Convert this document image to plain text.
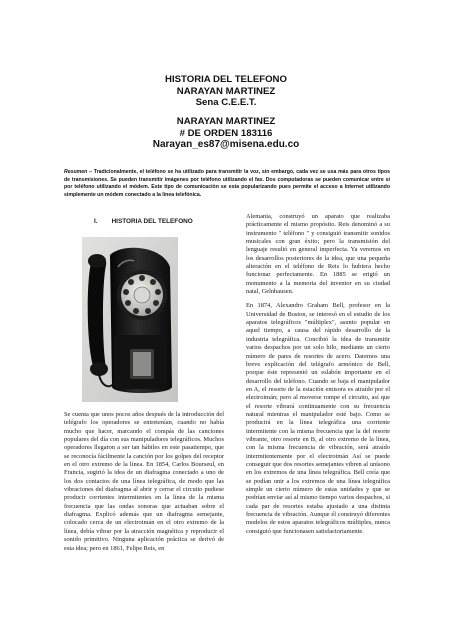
HISTORIA DEL TELEFONO
NARAYAN MARTINEZ
Sena C.E.E.T.
NARAYAN MARTINEZ
# DE ORDEN 183116
Narayan_es87@misena.edu.co
Resumen – Tradicionalmente, el teléfono se ha utilizado para transmitir la voz, sin embargo, cada vez se usa más para otros tipos de transmisiones. Se pueden transmitir imágenes por teléfono utilizando el fax. Dos computadoras se pueden comunicar entre sí por teléfono utilizando el módem. Este tipo de comunicación se esta popularizando pues permite el acceso a Internet utilizando simplemente un módem conectado a la línea telefónica.
I. HISTORIA DEL TELEFONO

Se cuenta que unos pocos años después de la introducción del telégrafo los operadores se entretenían, cuando no había mucho que hacer, marcando el compás de las canciones populares del día con sus manipuladores telegráficos. Muchos operadores llegaron a ser tan hábiles en este pasatiempo, que se reconocía fácilmente la canción por los golpes del receptor en el otro extremo de la línea. En 1854, Carlos Bourseul, en Francia, sugirió la idea de un diafragma conectado a uno de los dos contactos de una línea telegráfica, de modo que las vibraciones del diafragma al abrir y cerrar el circuito pudiese producir corrientes intermitentes en la línea de la misma frecuencia que las ondas sonoras que actuaban sobre el diafragma. Explicó además que un diafragma semejante, colocado cerca de un electroimán en el otro extremo de la línea, debía vibrar por la atracción magnética y reproducir el sonido primitivo. Ninguna aplicación práctica se derivó de esta idea; pero en 1861, Felipe Reis, en

Alemania, construyó un aparato que realizaba prácticamente el mismo propósito. Reis denominó a su instrumento " teléfono " y consiguió transmitir sonidos musicales con gran éxito; pero la transmisión del lenguaje resultó en general imperfecta. Ya veremos en los desarrollos posteriores de la idea, que una pequeña alteración en el teléfono de Reis lo hubiera hecho funcionar perfectamente. En 1885 se erigió un monumento a la memoria del inventor en su ciudad natal, Gelnhausen.

En 1874, Alexandro Graham Bell, profesor en la Universidad de Boston, se interesó en el estudio de los aparatos telegráficos "múltiplex", asunto popular en aquel tiempo, a causa del rápido desarrollo de la industria telegráfica. Concibió la idea de transmitir varios despachos por un solo hilo, mediante un cierto número de pares de resortes de acero. Daremos una breve explicación del telégrafo armónico de Bell, porque éste representó un eslabón importante en el desarrollo del teléfono. Cuando se baja el manipulador en A, el resorte de la estación emisora es atraído por el electroimán; pero al moverse rompe el circuito, así que el resorte vibrará continuamente con su frecuencia natural mientras el manipulador esté bajo. Como se producirá en la línea telegráfica una corriente intermitente con la misma frecuencia que la del resorte vibrante, otro resorte en B, al otro extremo de la línea, con la misma frecuencia de vibración, será atraído intermitentemente por el electroimán Así se puede conseguir que dos resortes semejantes vibren al unísono en los extremos de una línea telegráfica. Bell creía que se podían unir a los extremos de una línea telegráfica simple un cierto número de estas unidades y que se podrían enviar así al mismo tiempo varios despachos, si cada par de resortes estaba ajustado a una distinta frecuencia de vibración. Aunque él construyó diferentes modelos de estos aparatos telegráficos múltiples, nunca consiguió que funcionasen satisfactoriamente.
